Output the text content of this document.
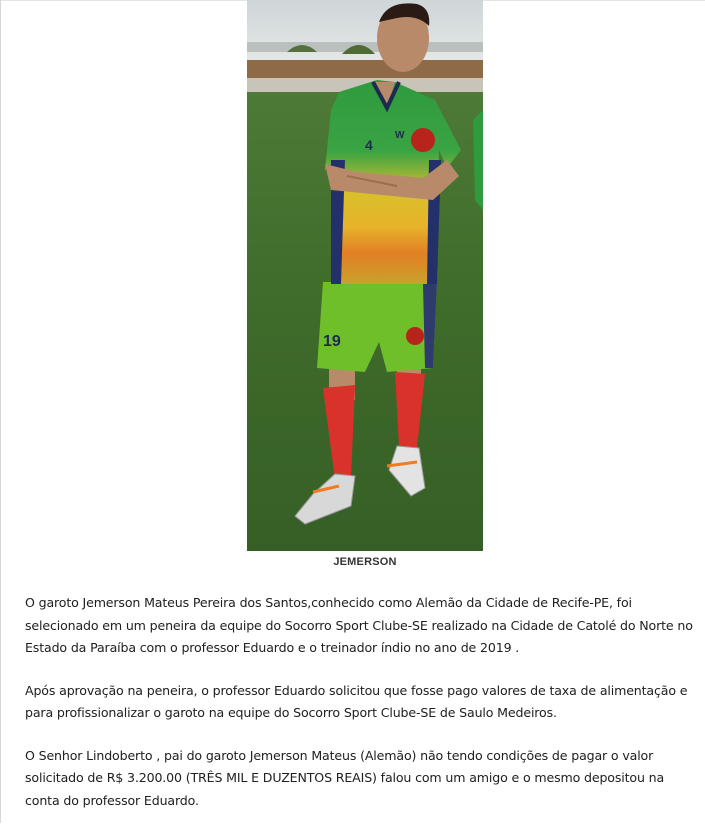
19
W
4
JEMERSON

O garoto Jemerson Mateus Pereira dos Santos,conhecido como Alemão da Cidade de Recife-PE, foi selecionado em um peneira da equipe do Socorro Sport Clube-SE realizado na Cidade de Catolé do Norte no Estado da Paraíba com o professor Eduardo e o treinador índio no ano de 2019 .

Após aprovação na peneira, o professor Eduardo solicitou que fosse pago valores de taxa de alimentação e para profissionalizar o garoto na equipe do Socorro Sport Clube-SE de Saulo Medeiros.

O Senhor Lindoberto , pai do garoto Jemerson Mateus (Alemão) não tendo condições de pagar o valor solicitado de R$ 3.200.00 (TRÊS MIL E DUZENTOS REAIS) falou com um amigo e o mesmo depositou na conta do professor Eduardo.
